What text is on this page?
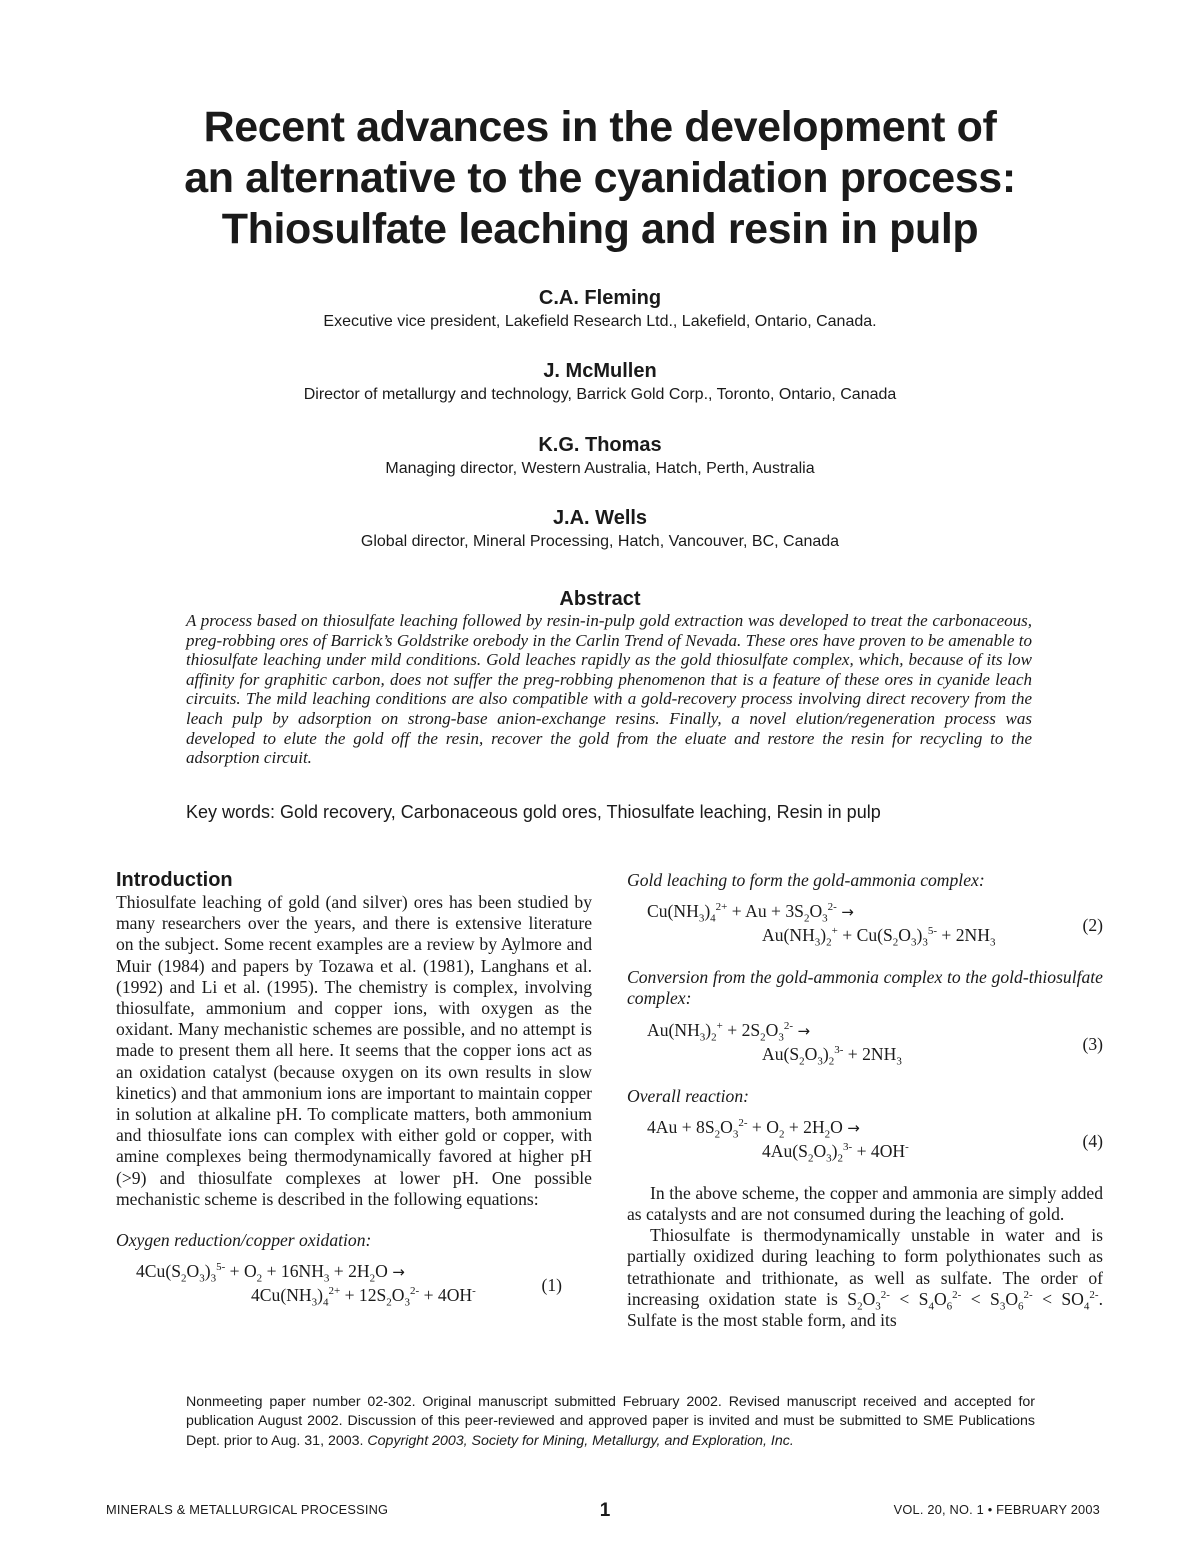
Recent advances in the development of
an alternative to the cyanidation process:
Thiosulfate leaching and resin in pulp
C.A. Fleming
Executive vice president, Lakefield Research Ltd., Lakefield, Ontario, Canada.
J. McMullen
Director of metallurgy and technology, Barrick Gold Corp., Toronto, Ontario, Canada
K.G. Thomas
Managing director, Western Australia, Hatch, Perth, Australia
J.A. Wells
Global director, Mineral Processing, Hatch, Vancouver, BC, Canada
Abstract
A process based on thiosulfate leaching followed by resin-in-pulp gold extraction was developed to treat the carbonaceous, preg-robbing ores of Barrick’s Goldstrike orebody in the Carlin Trend of Nevada. These ores have proven to be amenable to thiosulfate leaching under mild conditions. Gold leaches rapidly as the gold thiosulfate complex, which, because of its low affinity for graphitic carbon, does not suffer the preg-robbing phenomenon that is a feature of these ores in cyanide leach circuits. The mild leaching conditions are also compatible with a gold-recovery process involving direct recovery from the leach pulp by adsorption on strong-base anion-exchange resins. Finally, a novel elution/regeneration process was developed to elute the gold off the resin, recover the gold from the eluate and restore the resin for recycling to the adsorption circuit.
Key words: Gold recovery, Carbonaceous gold ores, Thiosulfate leaching, Resin in pulp
Introduction

Thiosulfate leaching of gold (and silver) ores has been studied by many researchers over the years, and there is extensive literature on the subject. Some recent examples are a review by Aylmore and Muir (1984) and papers by Tozawa et al. (1981), Langhans et al. (1992) and Li et al. (1995). The chemistry is complex, involving thiosulfate, ammonium and copper ions, with oxygen as the oxidant. Many mechanistic schemes are possible, and no attempt is made to present them all here. It seems that the copper ions act as an oxidation catalyst (because oxygen on its own results in slow kinetics) and that ammonium ions are important to maintain copper in solution at alkaline pH. To complicate matters, both ammonium and thiosulfate ions can complex with either gold or copper, with amine complexes being thermodynamically favored at higher pH (>9) and thiosulfate complexes at lower pH. One possible mechanistic scheme is described in the following equations:

Oxygen reduction/copper oxidation:

$4Cu(S_2O_3)_3^{5-} + O_2 + 16NH_3 + 2H_2O$ →
$4Cu(NH_3)_4^{2+} + 12S_2O_3^{2-} + 4OH^-$	(1)

Gold leaching to form the gold-ammonia complex:

$Cu(NH_3)_4^{2+} + Au + 3S_2O_3^{2-}$ →
$Au(NH_3)_2^+ + Cu(S_2O_3)_3^{5-} + 2NH_3$
(2)

Conversion from the gold-ammonia complex to the gold-thiosulfate complex:

$Au(NH_3)_2^+ + 2S_2O_3^{2-}$ →
$Au(S_2O_3)_2^{3-} + 2NH_3$
(3)

Overall reaction:

$4Au + 8S_2O_3^{2-} + O_2 + 2H_2O$ →
$4Au(S_2O_3)_2^{3-} + 4OH^-$	(4)

In the above scheme, the copper and ammonia are simply added as catalysts and are not consumed during the leaching of gold.

Thiosulfate is thermodynamically unstable in water and is partially oxidized during leaching to form polythionates such as tetrathionate and trithionate, as well as sulfate. The order of increasing oxidation state is $S_2O_3^{2-} < S_4O_6^{2-} < S_3O_6^{2-} < SO_4^{2-}$. Sulfate is the most stable form, and its

Nonmeeting paper number 02-302. Original manuscript submitted February 2002. Revised manuscript received and accepted for publication August 2002. Discussion of this peer-reviewed and approved paper is invited and must be submitted to SME Publications Dept. prior to Aug. 31, 2003. Copyright 2003, Society for Mining, Metallurgy, and Exploration, Inc.
MINERALS & METALLURGICAL PROCESSING	1	VOL. 20, NO. 1 • FEBRUARY 2003
